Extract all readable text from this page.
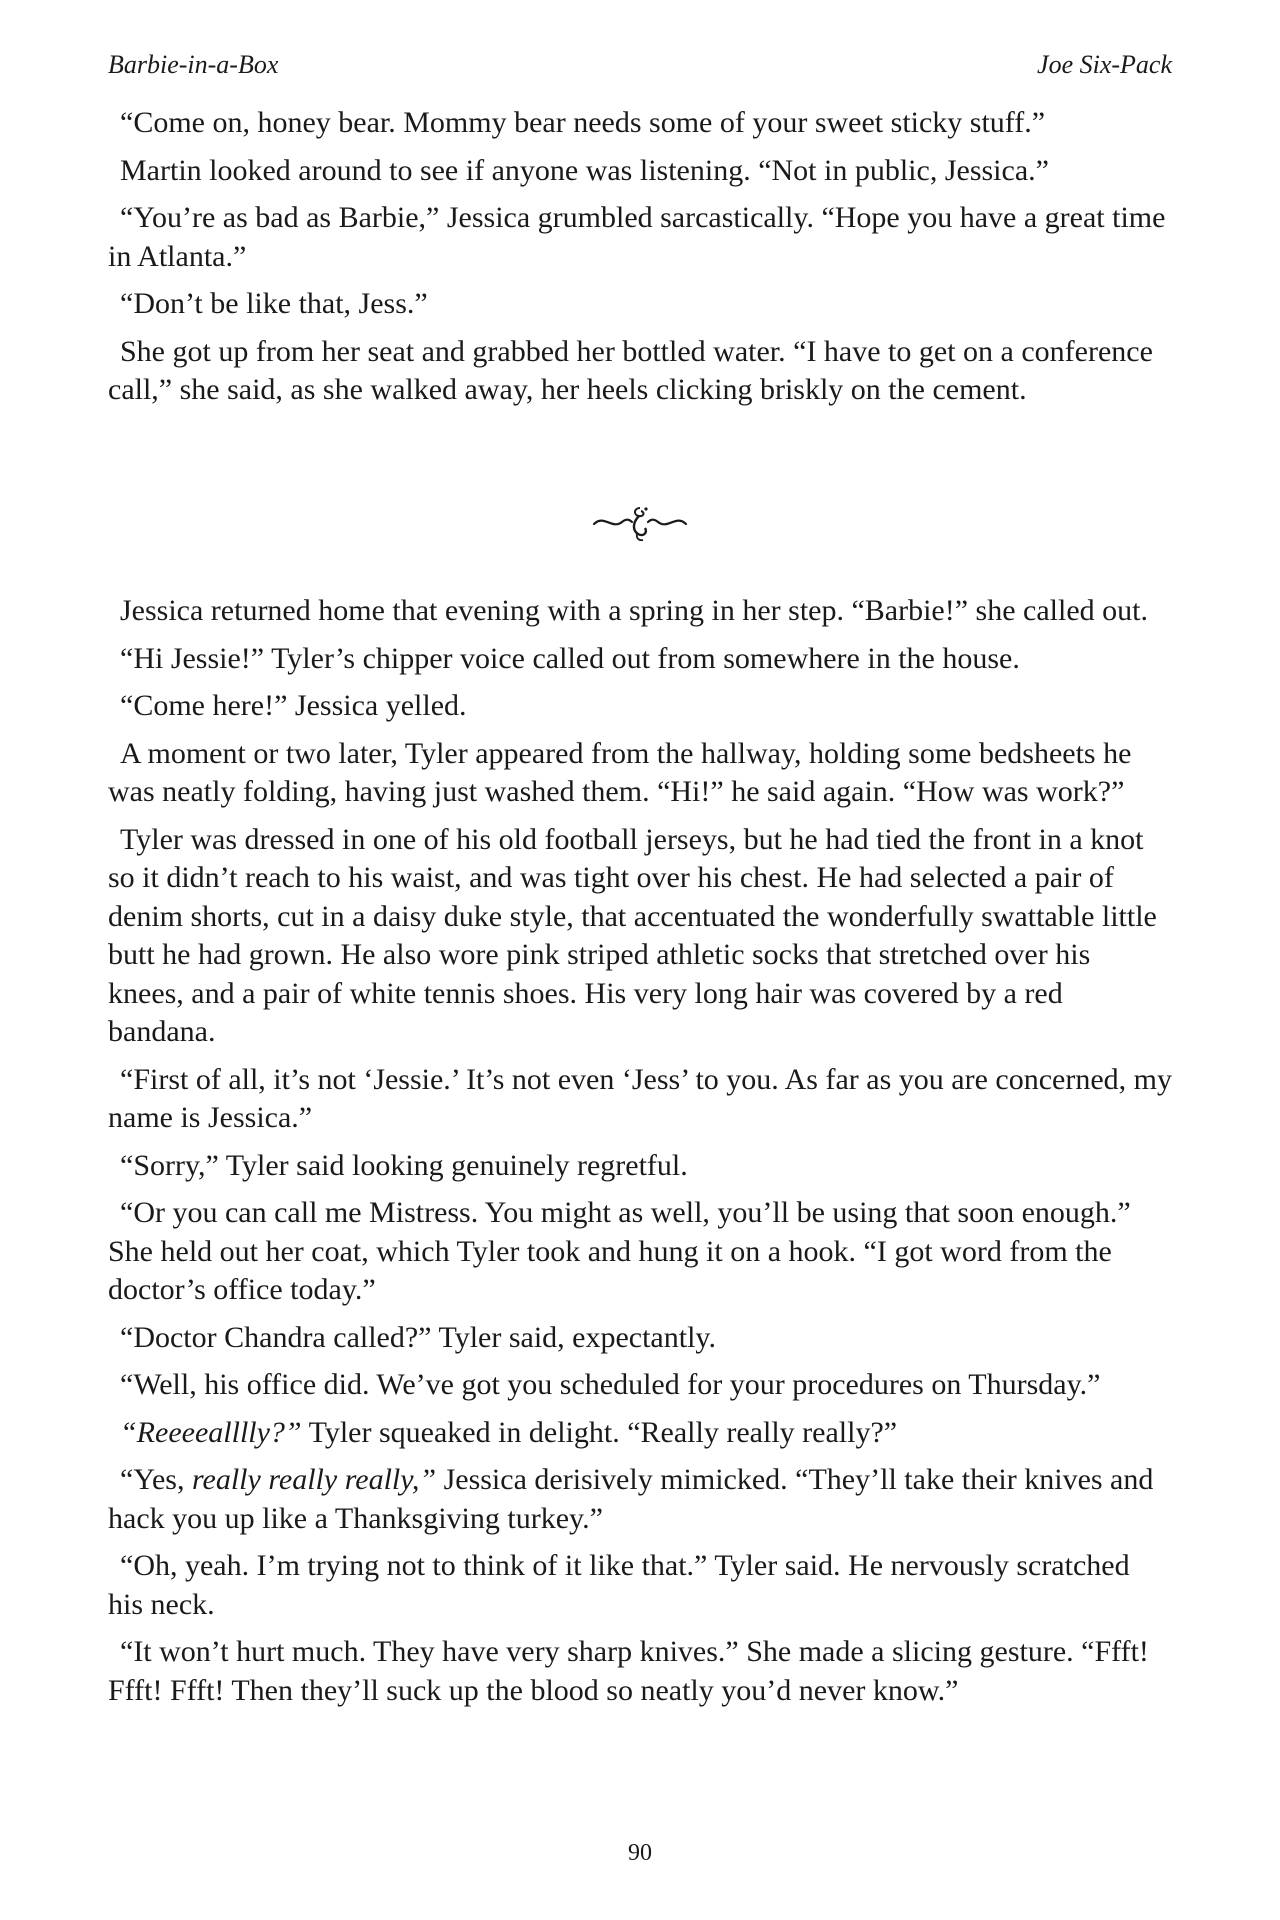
Barbie-in-a-Box	Joe Six-Pack

“Come on, honey bear. Mommy bear needs some of your sweet sticky stuff.”

Martin looked around to see if anyone was listening. “Not in public, Jessica.”

“You’re as bad as Barbie,” Jessica grumbled sarcastically. “Hope you have a great time in Atlanta.”

“Don’t be like that, Jess.”

She got up from her seat and grabbed her bottled water. “I have to get on a conference call,” she said, as she walked away, her heels clicking briskly on the cement.

Jessica returned home that evening with a spring in her step. “Barbie!” she called out.

“Hi Jessie!” Tyler’s chipper voice called out from somewhere in the house.

“Come here!” Jessica yelled.

A moment or two later, Tyler appeared from the hallway, holding some bedsheets he was neatly folding, having just washed them. “Hi!” he said again. “How was work?”

Tyler was dressed in one of his old football jerseys, but he had tied the front in a knot so it didn’t reach to his waist, and was tight over his chest. He had selected a pair of denim shorts, cut in a daisy duke style, that accentuated the wonderfully swattable little butt he had grown. He also wore pink striped athletic socks that stretched over his knees, and a pair of white tennis shoes. His very long hair was covered by a red bandana.

“First of all, it’s not ‘Jessie.’ It’s not even ‘Jess’ to you. As far as you are concerned, my name is Jessica.”

“Sorry,” Tyler said looking genuinely regretful.

“Or you can call me Mistress. You might as well, you’ll be using that soon enough.” She held out her coat, which Tyler took and hung it on a hook. “I got word from the doctor’s office today.”

“Doctor Chandra called?” Tyler said, expectantly.

“Well, his office did. We’ve got you scheduled for your procedures on Thursday.”

“Reeeealllly?” Tyler squeaked in delight. “Really really really?”

“Yes, really really really,” Jessica derisively mimicked. “They’ll take their knives and hack you up like a Thanksgiving turkey.”

“Oh, yeah. I’m trying not to think of it like that.” Tyler said. He nervously scratched his neck.

“It won’t hurt much. They have very sharp knives.” She made a slicing gesture. “Ffft! Ffft! Ffft! Then they’ll suck up the blood so neatly you’d never know.”

90
